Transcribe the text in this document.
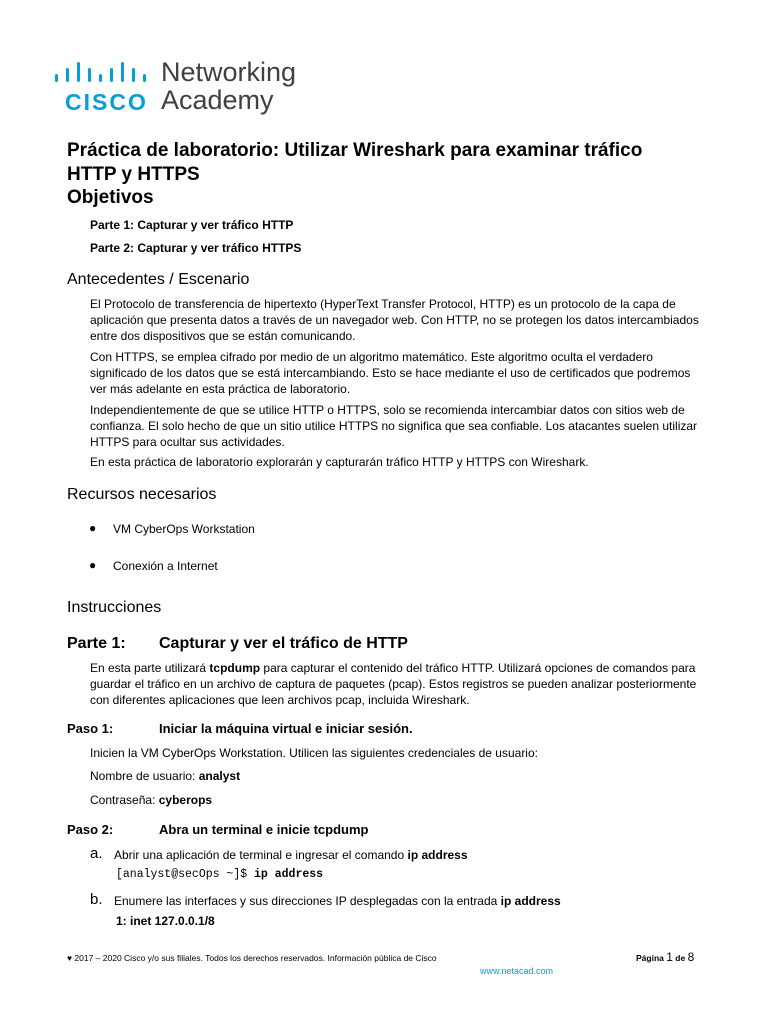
CISCO
Networking
Academy
Práctica de laboratorio: Utilizar Wireshark para examinar tráfico
HTTP y HTTPS
Objetivos
Parte 1: Capturar y ver tráfico HTTP
Parte 2: Capturar y ver tráfico HTTPS
Antecedentes / Escenario
El Protocolo de transferencia de hipertexto (HyperText Transfer Protocol, HTTP) es un protocolo de la capa de aplicación que presenta datos a través de un navegador web. Con HTTP, no se protegen los datos intercambiados entre dos dispositivos que se están comunicando.
Con HTTPS, se emplea cifrado por medio de un algoritmo matemático. Este algoritmo oculta el verdadero significado de los datos que se está intercambiando. Esto se hace mediante el uso de certificados que podremos ver más adelante en esta práctica de laboratorio.
Independientemente de que se utilice HTTP o HTTPS, solo se recomienda intercambiar datos con sitios web de confianza. El solo hecho de que un sitio utilice HTTPS no significa que sea confiable. Los atacantes suelen utilizar HTTPS para ocultar sus actividades.
En esta práctica de laboratorio explorarán y capturarán tráfico HTTP y HTTPS con Wireshark.
Recursos necesarios
● VM CyberOps Workstation
● Conexión a Internet
Instrucciones
Parte 1: Capturar y ver el tráfico de HTTP
En esta parte utilizará tcpdump para capturar el contenido del tráfico HTTP. Utilizará opciones de comandos para guardar el tráfico en un archivo de captura de paquetes (pcap). Estos registros se pueden analizar posteriormente con diferentes aplicaciones que leen archivos pcap, incluida Wireshark.
Paso 1:	Iniciar la máquina virtual e iniciar sesión.
Inicien la VM CyberOps Workstation. Utilicen las siguientes credenciales de usuario:
Nombre de usuario: analyst
Contraseña: cyberops
Paso 2:	Abra un terminal e inicie tcpdump
a. Abrir una aplicación de terminal e ingresar el comando ip address
[analyst@secOps ~]$ ip address
b. Enumere las interfaces y sus direcciones IP desplegadas con la entrada ip address
1: inet 127.0.0.1/8
♥ 2017 – 2020 Cisco y/o sus filiales. Todos los derechos reservados. Información pública de Cisco	Página 1 de 8
www.netacad.com
